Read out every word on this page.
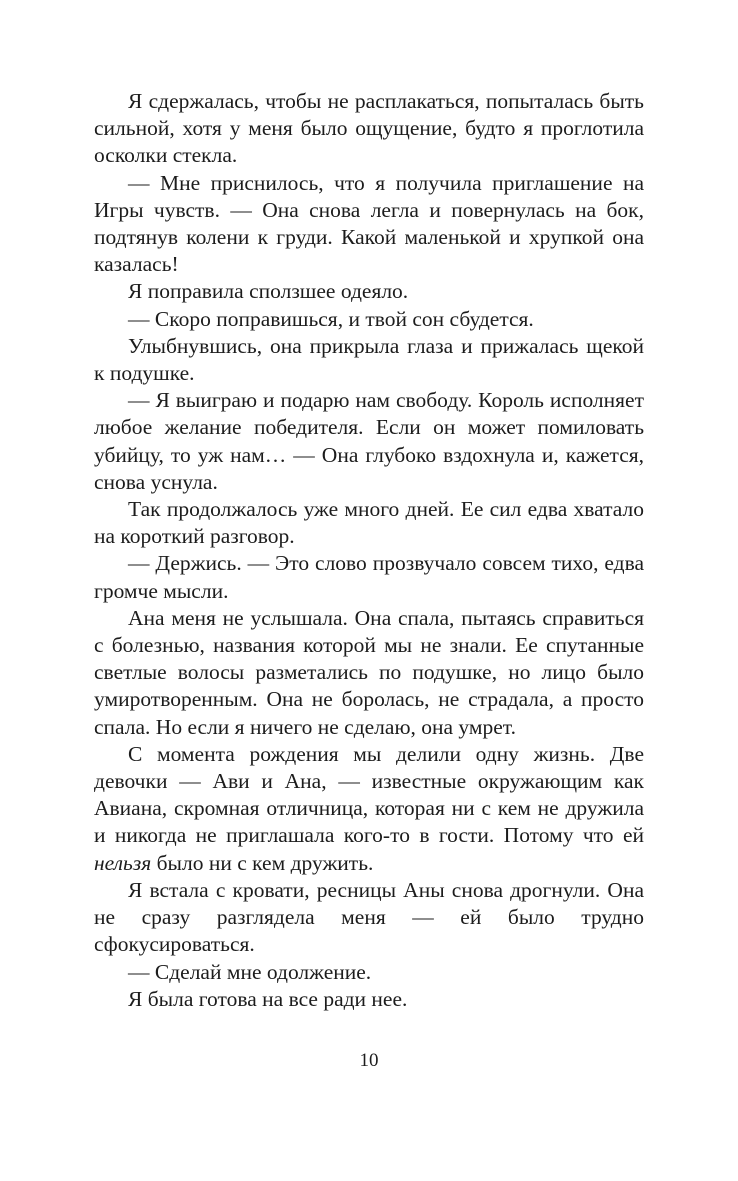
Я сдержалась, чтобы не расплакаться, попыталась быть сильной, хотя у меня было ощущение, будто я проглотила осколки стекла.

— Мне приснилось, что я получила приглашение на Игры чувств. — Она снова легла и повернулась на бок, подтянув колени к груди. Какой маленькой и хрупкой она казалась!

Я поправила сползшее одеяло.

— Скоро поправишься, и твой сон сбудется.

Улыбнувшись, она прикрыла глаза и прижалась щекой к подушке.

— Я выиграю и подарю нам свободу. Король исполняет любое желание победителя. Если он может помиловать убийцу, то уж нам… — Она глубоко вздохнула и, кажется, снова уснула.

Так продолжалось уже много дней. Ее сил едва хватало на короткий разговор.

— Держись. — Это слово прозвучало совсем тихо, едва громче мысли.

Ана меня не услышала. Она спала, пытаясь справиться с болезнью, названия которой мы не знали. Ее спутанные светлые волосы разметались по подушке, но лицо было умиротворенным. Она не боролась, не страдала, а просто спала. Но если я ничего не сделаю, она умрет.

С момента рождения мы делили одну жизнь. Две девочки — Ави и Ана, — известные окружающим как Авиана, скромная отличница, которая ни с кем не дружила и никогда не приглашала кого-то в гости. Потому что ей нельзя было ни с кем дружить.

Я встала с кровати, ресницы Аны снова дрогнули. Она не сразу разглядела меня — ей было трудно сфокусироваться.

— Сделай мне одолжение.

Я была готова на все ради нее.

10
